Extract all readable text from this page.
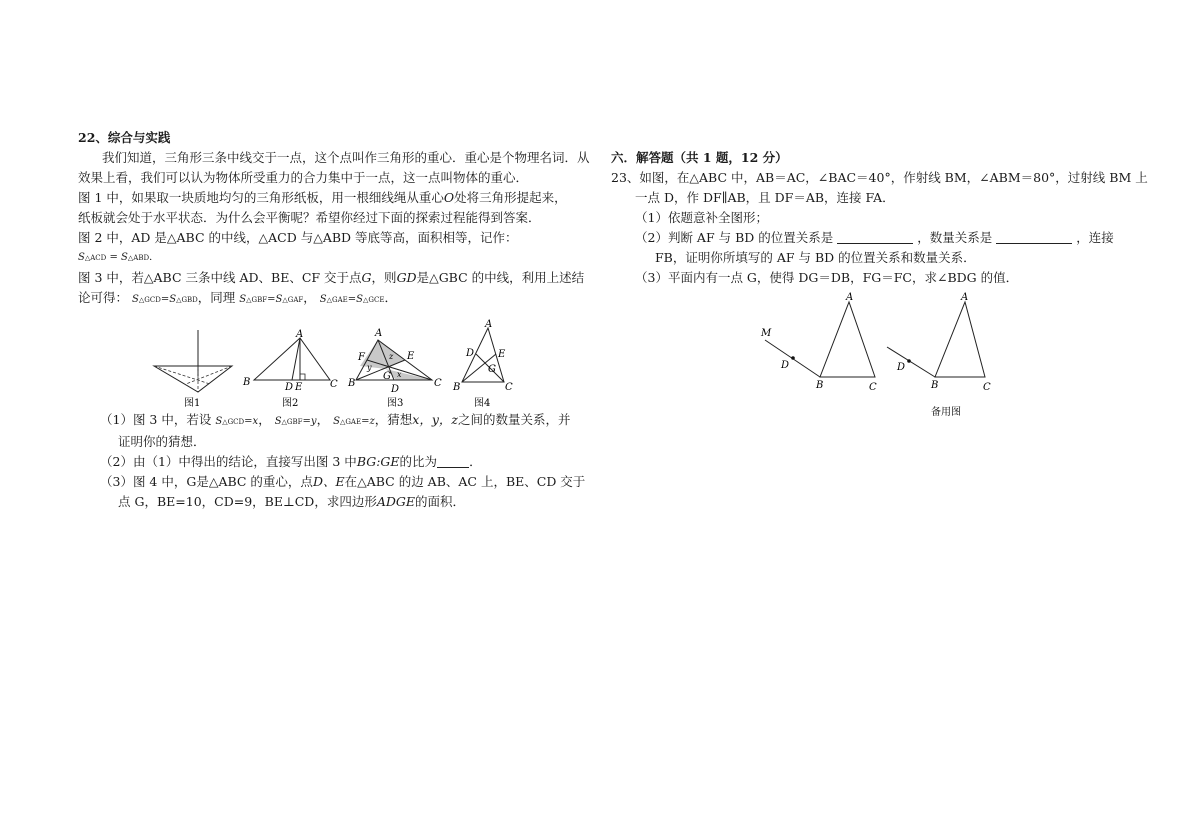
22、综合与实践
我们知道，三角形三条中线交于一点，这个点叫作三角形的重心．重心是个物理名词．从
效果上看，我们可以认为物体所受重力的合力集中于一点，这一点叫物体的重心．
图 1 中，如果取一块质地均匀的三角形纸板，用一根细线绳从重心O处将三角形提起来，
纸板就会处于水平状态．为什么会平衡呢？希望你经过下面的探索过程能得到答案．
图 2 中，AD 是△ABC 的中线，△ACD 与△ABD 等底等高，面积相等，记作：
S△ACD = S△ABD．
图 3 中，若△ABC 三条中线 AD、BE、CF 交于点G，则GD是△GBC 的中线，利用上述结
论可得： S△GCD=S△GBD，同理 S△GBF=S△GAF， S△GAE=S△GCE．
（1）图 3 中，若设 S△GCD=x， S△GBF=y， S△GAE=z，猜想x，y，z之间的数量关系，并
证明你的猜想．
（2）由（1）中得出的结论，直接写出图 3 中BG:GE的比为	．
（3）图 4 中，G是△ABC 的重心，点D、E在△ABC 的边 AB、AC 上，BE、CD 交于
点 G，BE=10，CD=9，BE⊥CD，求四边形ADGE的面积．
图1
A
B	C
D E
图2
A
B	C
D
E
F
G x
y
z
图3
A
B	C
D E
G
图4
六．解答题（共 1 题，12 分）
23、如图，在△ABC 中，AB＝AC，∠BAC＝40°，作射线 BM，∠ABM＝80°，过射线 BM 上
一点 D，作 DF∥AB，且 DF＝AB，连接 FA．
（1）依题意补全图形；
（2）判断 AF 与 BD 的位置关系是	，数量关系是	，连接
FB，证明你所填写的 AF 与 BD 的位置关系和数量关系．
（3）平面内有一点 G，使得 DG＝DB，FG＝FC，求∠BDG 的值．
M
D
B	C
A
D
B	C
A
备用图
